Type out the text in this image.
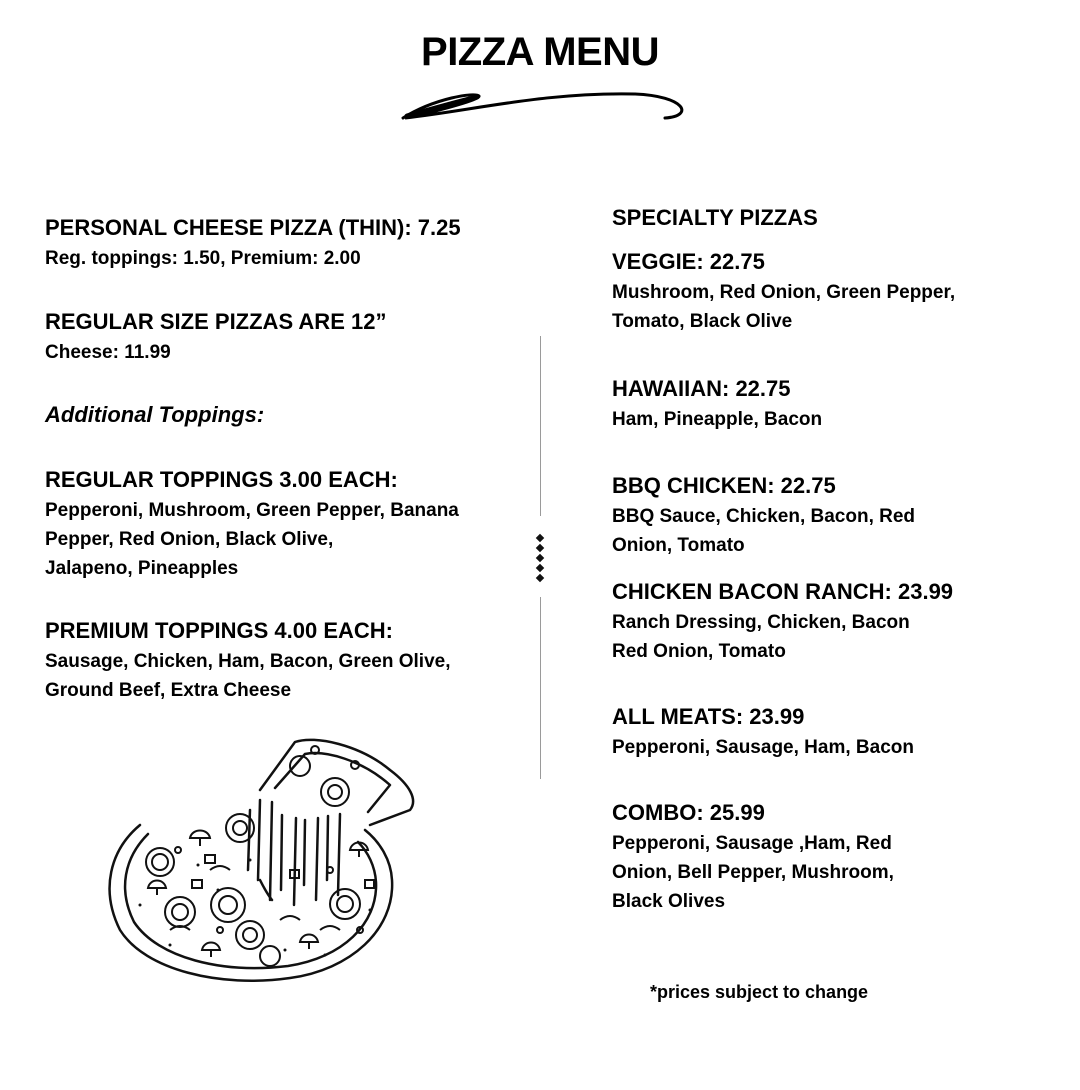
PIZZA MENU
PERSONAL CHEESE PIZZA (THIN): 7.25
Reg. toppings: 1.50, Premium: 2.00
REGULAR SIZE PIZZAS ARE 12”
Cheese: 11.99
Additional Toppings:
REGULAR TOPPINGS 3.00 EACH:
Pepperoni, Mushroom, Green Pepper, Banana
Pepper, Red Onion, Black Olive,
Jalapeno, Pineapples
PREMIUM TOPPINGS 4.00 EACH:
Sausage, Chicken, Ham, Bacon, Green Olive,
Ground Beef, Extra Cheese
SPECIALTY PIZZAS
VEGGIE: 22.75
Mushroom, Red Onion, Green Pepper,
Tomato, Black Olive
HAWAIIAN: 22.75
Ham, Pineapple, Bacon
BBQ CHICKEN: 22.75
BBQ Sauce, Chicken, Bacon, Red
Onion, Tomato
CHICKEN BACON RANCH: 23.99
Ranch Dressing, Chicken, Bacon
Red Onion, Tomato
ALL MEATS: 23.99
Pepperoni, Sausage, Ham, Bacon
COMBO: 25.99
Pepperoni, Sausage ,Ham, Red
Onion, Bell Pepper, Mushroom,
Black Olives
*prices subject to change
